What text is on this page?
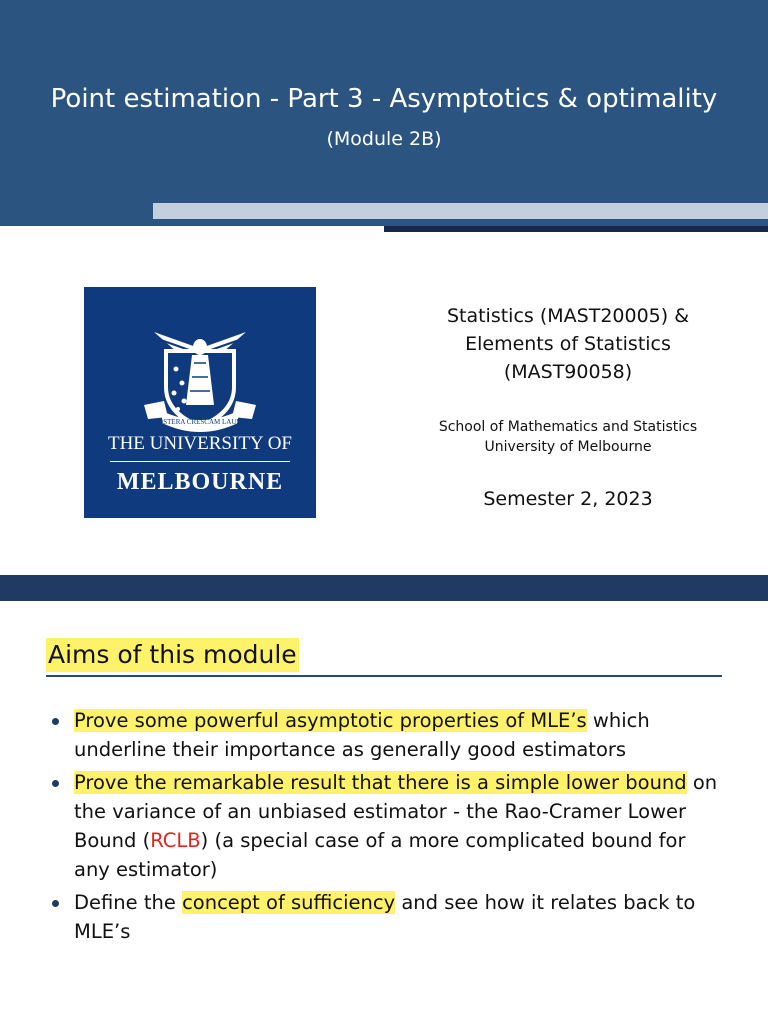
Point estimation - Part 3 - Asymptotics & optimality
(Module 2B)
POSTERA CRESCAM LAUDE
THE UNIVERSITY OF
MELBOURNE
Statistics (MAST20005) &
Elements of Statistics
(MAST90058)
School of Mathematics and Statistics
University of Melbourne
Semester 2, 2023
Aims of this module
Prove some powerful asymptotic properties of MLE’s which underline their importance as generally good estimators
Prove the remarkable result that there is a simple lower bound on the variance of an unbiased estimator - the Rao-Cramer Lower Bound (RCLB) (a special case of a more complicated bound for any estimator)
Define the concept of sufficiency and see how it relates back to MLE’s
